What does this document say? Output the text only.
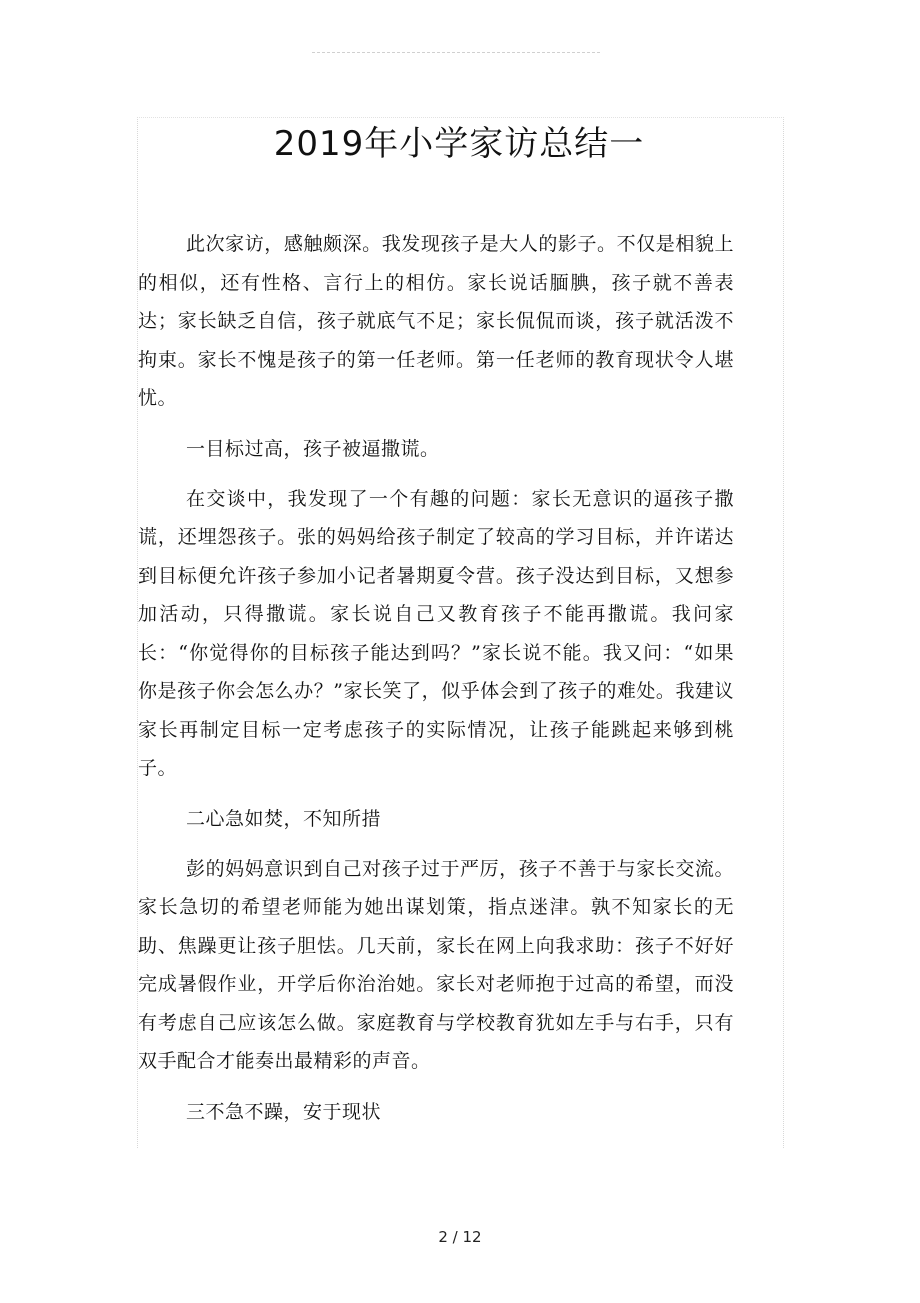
2019年小学家访总结一

此次家访，感触颇深。我发现孩子是大人的影子。不仅是相貌上的相似，还有性格、言行上的相仿。家长说话腼腆，孩子就不善表达；家长缺乏自信，孩子就底气不足；家长侃侃而谈，孩子就活泼不拘束。家长不愧是孩子的第一任老师。第一任老师的教育现状令人堪忧。

一目标过高，孩子被逼撒谎。

在交谈中，我发现了一个有趣的问题：家长无意识的逼孩子撒谎，还埋怨孩子。张的妈妈给孩子制定了较高的学习目标，并许诺达到目标便允许孩子参加小记者暑期夏令营。孩子没达到目标，又想参加活动，只得撒谎。家长说自己又教育孩子不能再撒谎。我问家长：“你觉得你的目标孩子能达到吗？”家长说不能。我又问：“如果你是孩子你会怎么办？”家长笑了，似乎体会到了孩子的难处。我建议家长再制定目标一定考虑孩子的实际情况，让孩子能跳起来够到桃子。

二心急如焚，不知所措

彭的妈妈意识到自己对孩子过于严厉，孩子不善于与家长交流。家长急切的希望老师能为她出谋划策，指点迷津。孰不知家长的无助、焦躁更让孩子胆怯。几天前，家长在网上向我求助：孩子不好好完成暑假作业，开学后你治治她。家长对老师抱于过高的希望，而没有考虑自己应该怎么做。家庭教育与学校教育犹如左手与右手，只有双手配合才能奏出最精彩的声音。

三不急不躁，安于现状

2 / 12
